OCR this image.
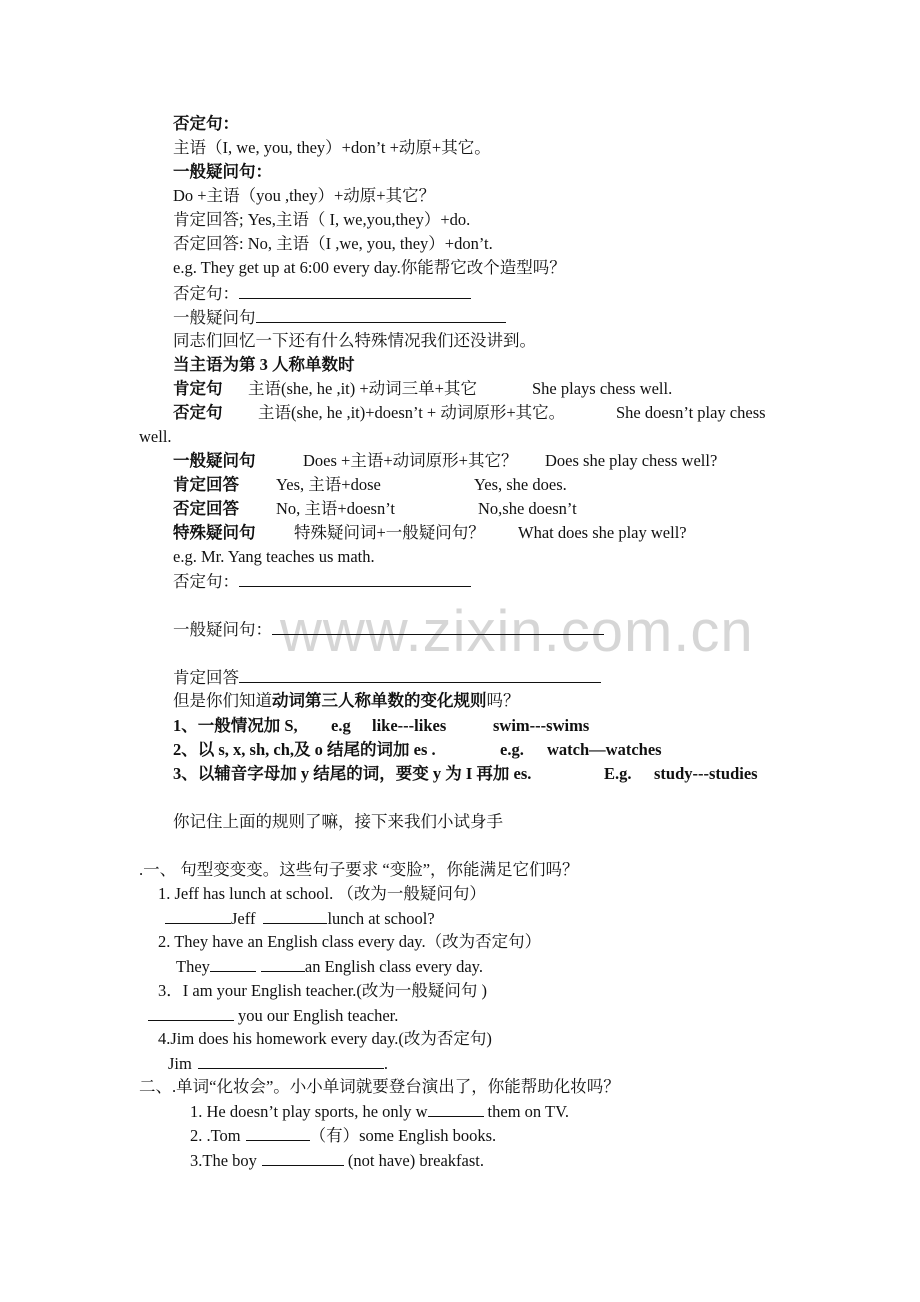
www.zixin.com.cn
否定句：
主语（I, we, you, they）+don’t +动原+其它。
一般疑问句：
Do +主语（you ,they）+动原+其它？
肯定回答; Yes,主语（ I, we,you,they）+do.
否定回答: No, 主语（I ,we, you, they）+don’t.
e.g. They get up at 6:00 every day.你能帮它改个造型吗？
否定句：
一般疑问句
同志们回忆一下还有什么特殊情况我们还没讲到。
当主语为第 3 人称单数时
肯定句 主语(she, he ,it) +动词三单+其它	She plays chess well.
否定句 主语(she, he ,it)+doesn’t + 动词原形+其它。	She doesn’t play chess
well.
一般疑问句	Does +主语+动词原形+其它？ Does she play chess well?
肯定回答 Yes, 主语+dose	Yes, she does.
否定回答 No, 主语+doesn’t	No,she doesn’t
特殊疑问句 特殊疑问词+一般疑问句？ What does she play well?
e.g. Mr. Yang teaches us math.
否定句：
一般疑问句：
肯定回答
但是你们知道动词第三人称单数的变化规则吗？
1、一般情况加 S, e.g like---likes	swim---swims
2、以 s, x, sh, ch,及 o 结尾的词加 es .	e.g. watch—watches
3、以辅音字母加 y 结尾的词，要变 y 为 I 再加 es.	E.g. study---studies
你记住上面的规则了嘛，接下来我们小试身手
.一、 句型变变变。这些句子要求 “变脸”，你能满足它们吗？
1. Jeff has lunch at school. （改为一般疑问句）
Jeff	lunch at school?
2. They have an English class every day.（改为否定句）
They	an English class every day.
3．I am your English teacher.(改为一般疑问句 )
you our English teacher.
4.Jim does his homework every day.(改为否定句)
Jim	.
二、.单词“化妆会”。小小单词就要登台演出了，你能帮助化妆吗？
1. He doesn’t play sports, he only w	them on TV.
2. .Tom	（有）some English books.
3.The boy	(not have) breakfast.
